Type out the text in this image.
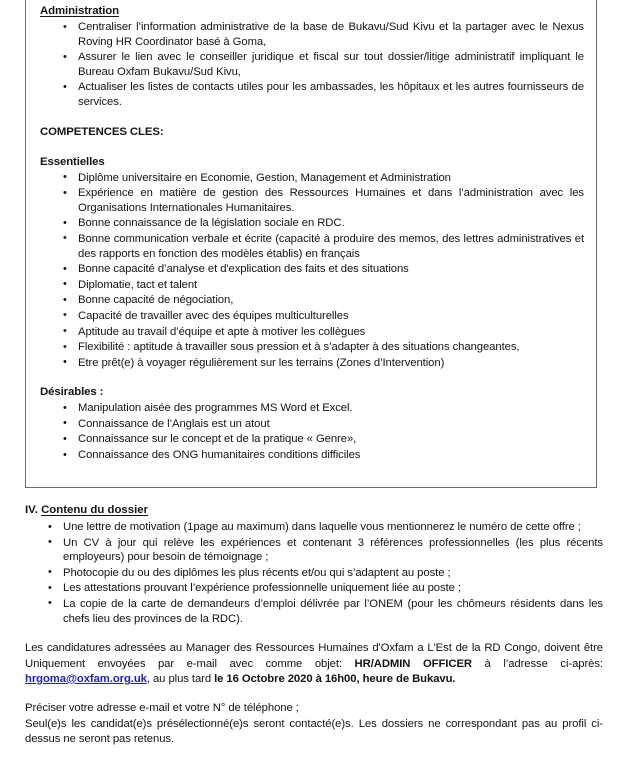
Administration
• Centraliser l’information administrative de la base de Bukavu/Sud Kivu et la partager avec le Nexus Roving HR Coordinator basé à Goma,
• Assurer le lien avec le conseiller juridique et fiscal sur tout dossier/litige administratif impliquant le Bureau Oxfam Bukavu/Sud Kivu,
• Actualiser les listes de contacts utiles pour les ambassades, les hôpitaux et les autres fournisseurs de services.
COMPETENCES CLES:
Essentielles
• Diplôme universitaire en Economie, Gestion, Management et Administration
• Expérience en matière de gestion des Ressources Humaines et dans l’administration avec les Organisations Internationales Humanitaires.
• Bonne connaissance de la législation sociale en RDC.
• Bonne communication verbale et écrite (capacité à produire des memos, des lettres administratives et des rapports en fonction des modèles établis) en français
• Bonne capacité d’analyse et d'explication des faits et des situations
• Diplomatie, tact et talent
• Bonne capacité de négociation,
• Capacité de travailler avec des équipes multiculturelles
• Aptitude au travail d’équipe et apte à motiver les collègues
• Flexibilité : aptitude à travailler sous pression et à s’adapter à des situations changeantes,
• Etre prêt(e) à voyager régulièrement sur les terrains (Zones d’Intervention)
Désirables :
• Manipulation aisée des programmes MS Word et Excel.
• Connaissance de l’Anglais est un atout
• Connaissance sur le concept et de la pratique « Genre»,
• Connaissance des ONG humanitaires conditions difficiles
IV. Contenu du dossier
• Une lettre de motivation (1page au maximum) dans laquelle vous mentionnerez le numéro de cette offre ;
• Un CV à jour qui relève les expériences et contenant 3 références professionnelles (les plus récents employeurs) pour besoin de témoignage ;
• Photocopie du ou des diplômes les plus récents et/ou qui s’adaptent au poste ;
• Les attestations prouvant l’expérience professionnelle uniquement liée au poste ;
• La copie de la carte de demandeurs d’emploi délivrée par l’ONEM (pour les chômeurs résidents dans les chefs lieu des provinces de la RDC).

Les candidatures adressées au Manager des Ressources Humaines d'Oxfam a L'Est de la RD Congo, doivent être Uniquement envoyées par e-mail avec comme objet: HR/ADMIN OFFICER à l’adresse ci-après: hrgoma@oxfam.org.uk, au plus tard le 16 Octobre 2020 à 16h00, heure de Bukavu.

Préciser votre adresse e-mail et votre N° de téléphone ;

Seul(e)s les candidat(e)s présélectionné(e)s seront contacté(e)s. Les dossiers ne correspondant pas au profil ci-dessus ne seront pas retenus.
